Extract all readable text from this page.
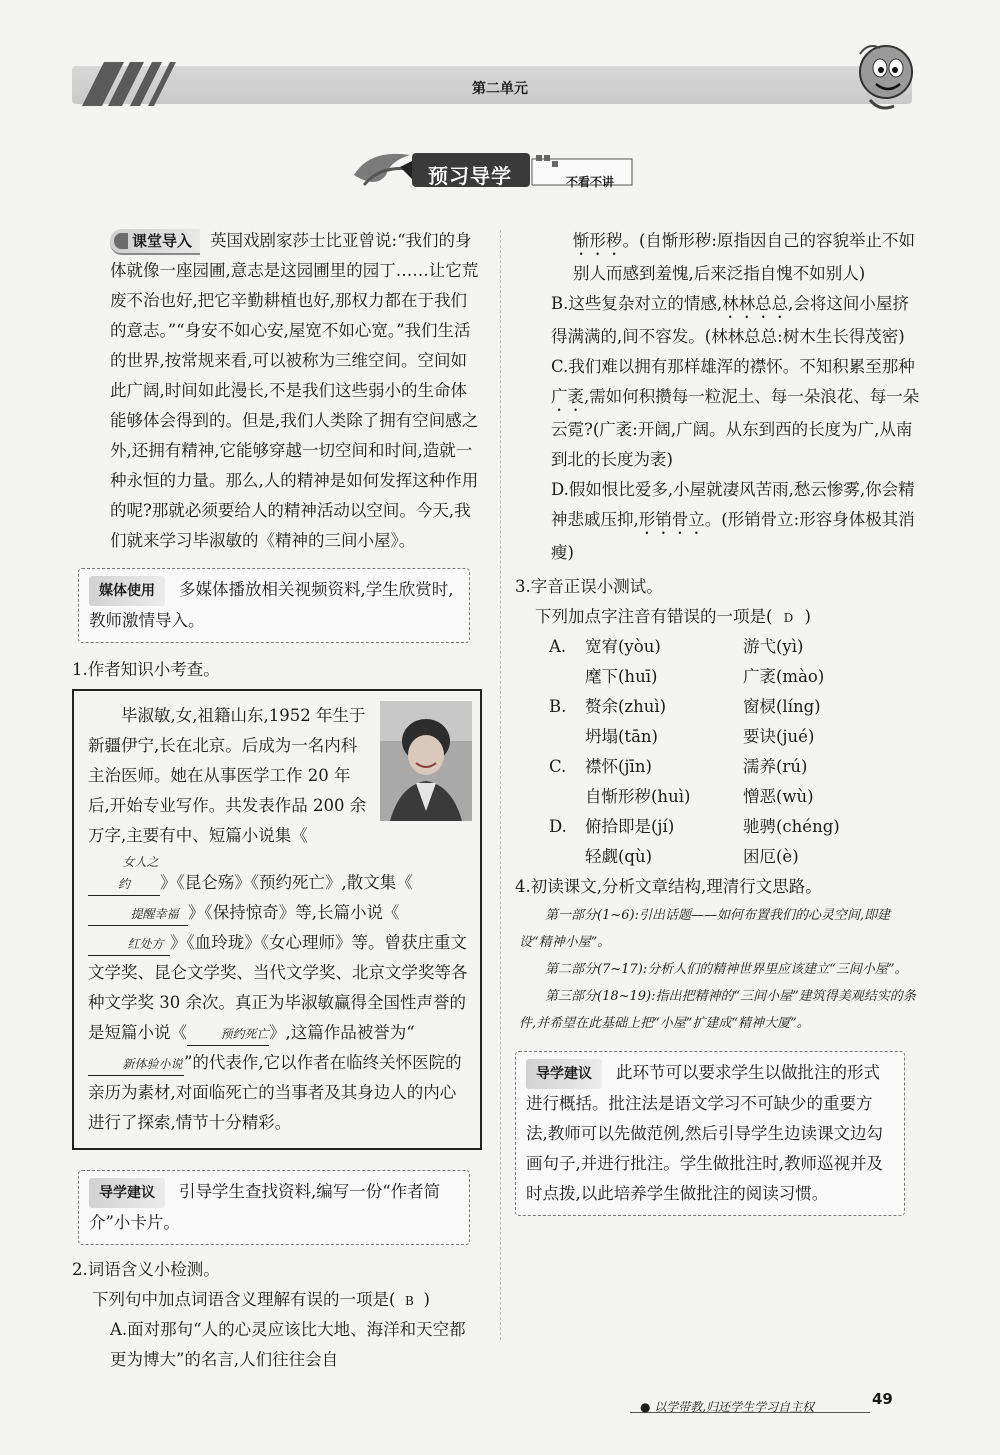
第二单元
预习导学	不看不讲

课堂导入 英国戏剧家莎士比亚曾说:“我们的身体就像一座园圃,意志是这园圃里的园丁……让它荒废不治也好,把它辛勤耕植也好,那权力都在于我们的意志。”“身安不如心安,屋宽不如心宽。”我们生活的世界,按常规来看,可以被称为三维空间。空间如此广阔,时间如此漫长,不是我们这些弱小的生命体能够体会得到的。但是,我们人类除了拥有空间感之外,还拥有精神,它能够穿越一切空间和时间,造就一种永恒的力量。那么,人的精神是如何发挥这种作用的呢?那就必须要给人的精神活动以空间。今天,我们就来学习毕淑敏的《精神的三间小屋》。

媒体使用 多媒体播放相关视频资料,学生欣赏时,教师激情导入。

1.作者知识小考查。

毕淑敏,女,祖籍山东,1952 年生于新疆伊宁,长在北京。后成为一名内科主治医师。她在从事医学工作 20 年后,开始专业写作。共发表作品 200 余万字,主要有中、短篇小说集《女人之约 》《昆仑殇》《预约死亡》,散文集《提醒幸福 》《保持惊奇》等,长篇小说《红处方 》《血玲珑》《女心理师》等。曾获庄重文文学奖、昆仑文学奖、当代文学奖、北京文学奖等各种文学奖 30 余次。真正为毕淑敏赢得全国性声誉的是短篇小说《	预约死亡》,这篇作品被誉为“新体验小说”的代表作,它以作者在临终关怀医院的亲历为素材,对面临死亡的当事者及其身边人的内心进行了探索,情节十分精彩。

导学建议 引导学生查找资料,编写一份“作者简介”小卡片。

2.词语含义小检测。

下列句中加点词语含义理解有误的一项是( B )

A.面对那句“人的心灵应该比大地、海洋和天空都更为博大”的名言,人们往往会自

惭形秽。(自惭形秽:原指因自己的容貌举止不如别人而感到羞愧,后来泛指自愧不如别人)

B.这些复杂对立的情感,林林总总,会将这间小屋挤得满满的,间不容发。(林林总总:树木生长得茂密)

C.我们难以拥有那样雄浑的襟怀。不知积累至那种广袤,需如何积攒每一粒泥土、每一朵浪花、每一朵云霓?(广袤:开阔,广阔。从东到西的长度为广,从南到北的长度为袤)

D.假如恨比爱多,小屋就凄风苦雨,愁云惨雾,你会精神悲戚压抑,形销骨立。(形销骨立:形容身体极其消瘦)

3.字音正误小测试。

下列加点字注音有错误的一项是( D )

A.	宽宥(yòu)	游弋(yì)
麾下(huī)	广袤(mào)
B.	赘余(zhuì)	窗棂(líng)
坍塌(tān)	要诀(jué)
C.	襟怀(jīn)	濡养(rú)
自惭形秽(huì)	憎恶(wù)
D.	俯拾即是(jí)	驰骋(chéng)
轻觑(qù)	困厄(è)

4.初读课文,分析文章结构,理清行文思路。

第一部分(1~6):引出话题——如何布置我们的心灵空间,即建设“精神小屋”。
第二部分(7~17):分析人们的精神世界里应该建立“三间小屋”。
第三部分(18~19):指出把精神的“三间小屋”建筑得美观结实的条件,并希望在此基础上把“小屋”扩建成“精神大厦”。

导学建议 此环节可以要求学生以做批注的形式进行概括。批注法是语文学习不可缺少的重要方法,教师可以先做范例,然后引导学生边读课文边勾画句子,并进行批注。学生做批注时,教师巡视并及时点拨,以此培养学生做批注的阅读习惯。

● 以学带教,归还学生学习自主权	49
